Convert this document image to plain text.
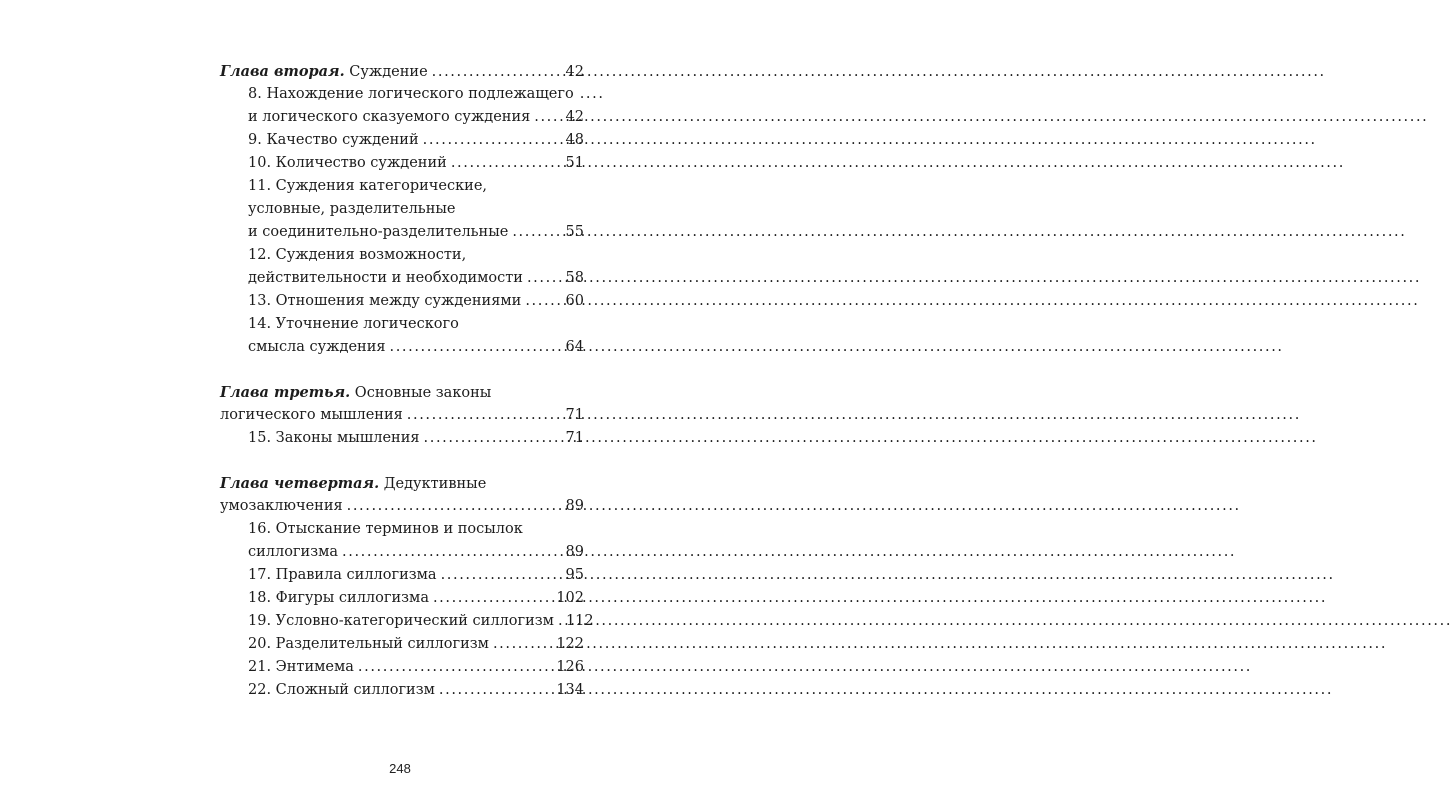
Глава вторая. Суждение .....	42
8. Нахождение логического подлежащего ....
и логического сказуемого суждения ..... 42
9. Качество суждений .....	48
10. Количество суждений .....	51
11. Суждения категорические,
условные, разделительные
и соединительно-разделительные .....	55
12. Суждения возможности,
действительности и необходимости .....	58
13. Отношения между суждениями .....	60
14. Уточнение логического
смысла суждения .....	64
Глава третья. Основные законы
логического мышления .....	71
15. Законы мышления .....	71
Глава четвертая. Дедуктивные
умозаключения .....	89
16. Отыскание терминов и посылок
силлогизма .....	89
17. Правила силлогизма .....	95
18. Фигуры силлогизма .....	102
19. Условно-категорический силлогизм ..... 112
20. Разделительный силлогизм .....	122
21. Энтимема .....	126
22. Сложный силлогизм .....	134
248
